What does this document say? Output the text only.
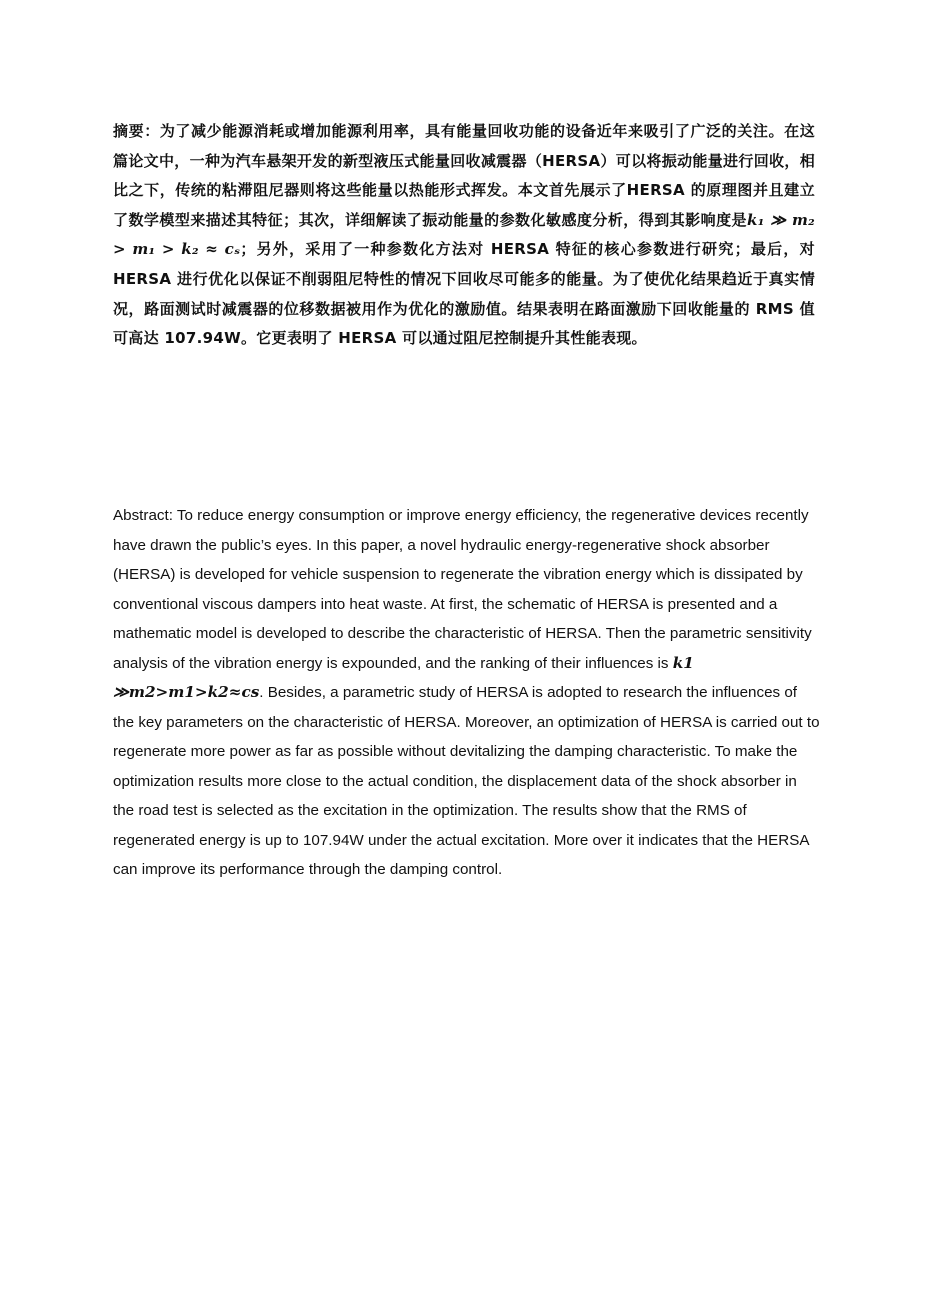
摘要：为了减少能源消耗或增加能源利用率，具有能量回收功能的设备近年来吸引了广泛的关注。在这篇论文中，一种为汽车悬架开发的新型液压式能量回收减震器（HERSA）可以将振动能量进行回收，相比之下，传统的粘滞阻尼器则将这些能量以热能形式挥发。本文首先展示了HERSA 的原理图并且建立了数学模型来描述其特征；其次，详细解读了振动能量的参数化敏感度分析，得到其影响度是k₁ ≫ m₂ > m₁ > k₂ ≈ cₛ；另外，采用了一种参数化方法对 HERSA 特征的核心参数进行研究；最后，对 HERSA 进行优化以保证不削弱阻尼特性的情况下回收尽可能多的能量。为了使优化结果趋近于真实情况，路面测试时减震器的位移数据被用作为优化的激励值。结果表明在路面激励下回收能量的 RMS 值可高达 107.94W。它更表明了 HERSA 可以通过阻尼控制提升其性能表现。

Abstract: To reduce energy consumption or improve energy efficiency, the regenerative devices recently have drawn the public’s eyes. In this paper, a novel hydraulic energy-regenerative shock absorber (HERSA) is developed for vehicle suspension to regenerate the vibration energy which is dissipated by conventional viscous dampers into heat waste. At first, the schematic of HERSA is presented and a mathematic model is developed to describe the characteristic of HERSA. Then the parametric sensitivity analysis of the vibration energy is expounded, and the ranking of their influences is k1 ≫m2>m1>k2≈cs. Besides, a parametric study of HERSA is adopted to research the influences of the key parameters on the characteristic of HERSA. Moreover, an optimization of HERSA is carried out to regenerate more power as far as possible without devitalizing the damping characteristic. To make the optimization results more close to the actual condition, the displacement data of the shock absorber in the road test is selected as the excitation in the optimization. The results show that the RMS of regenerated energy is up to 107.94W under the actual excitation. More over it indicates that the HERSA can improve its performance through the damping control.
